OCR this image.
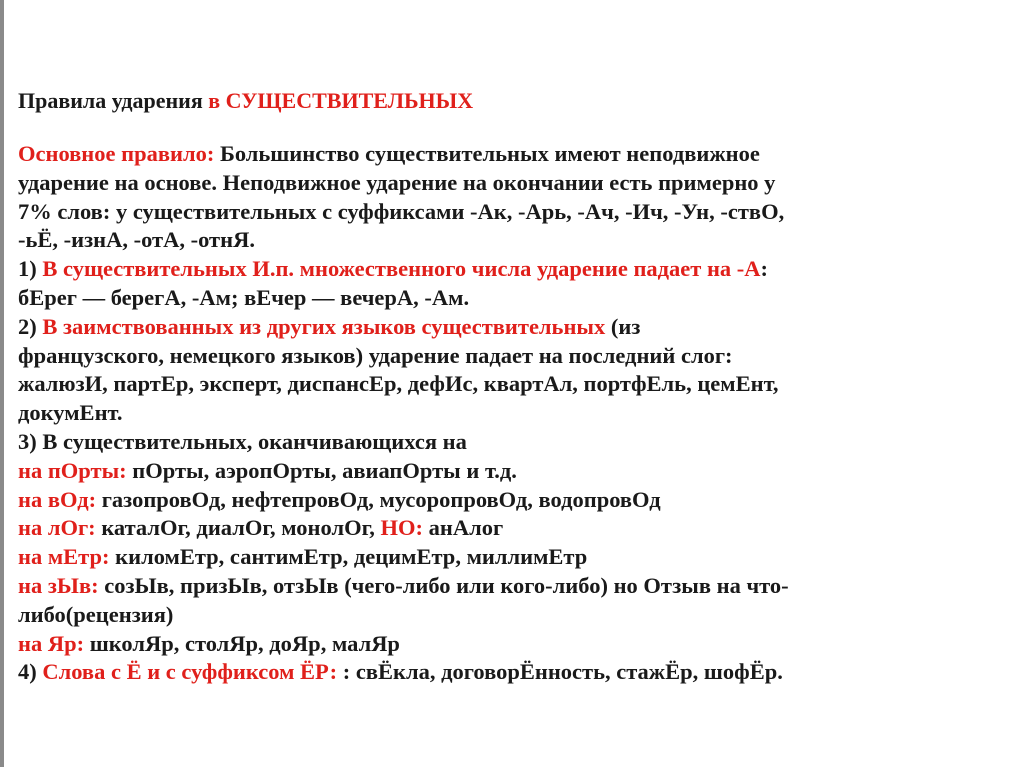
Правила ударения в СУЩЕСТВИТЕЛЬНЫХ

Основное правило: Большинство существительных имеют неподвижное
ударение на основе. Неподвижное ударение на окончании есть примерно у
7% слов: у существительных с суффиксами -Ак, -Арь, -Ач, -Ич, -Ун, -ствО,
-ьЁ, -изнА, -отА, -отнЯ.
1) В существительных И.п. множественного числа ударение падает на -А:
бЕрег — берегА, -Ам; вЕчер — вечерА, -Ам.
2) В заимствованных из других языков существительных (из
французского, немецкого языков) ударение падает на последний слог:
жалюзИ, партЕр, эксперт, диспансЕр, дефИс, квартАл, портфЕль, цемЕнт,
докумЕнт.
3) В существительных, оканчивающихся на
на пОрты: пОрты, аэропОрты, авиапОрты и т.д.
на вОд: газопровОд, нефтепровОд, мусоропровОд, водопровОд
на лОг: каталОг, диалОг, монолОг, НО: анАлог
на мЕтр: киломЕтр, сантимЕтр, децимЕтр, миллимЕтр
на зЫв: созЫв, призЫв, отзЫв (чего-либо или кого-либо) но Отзыв на что-
либо(рецензия)
на Яр: школЯр, столЯр, доЯр, малЯр
4) Слова с Ё и с суффиксом ЁР: : свЁкла, договорЁнность, стажЁр, шофЁр.
